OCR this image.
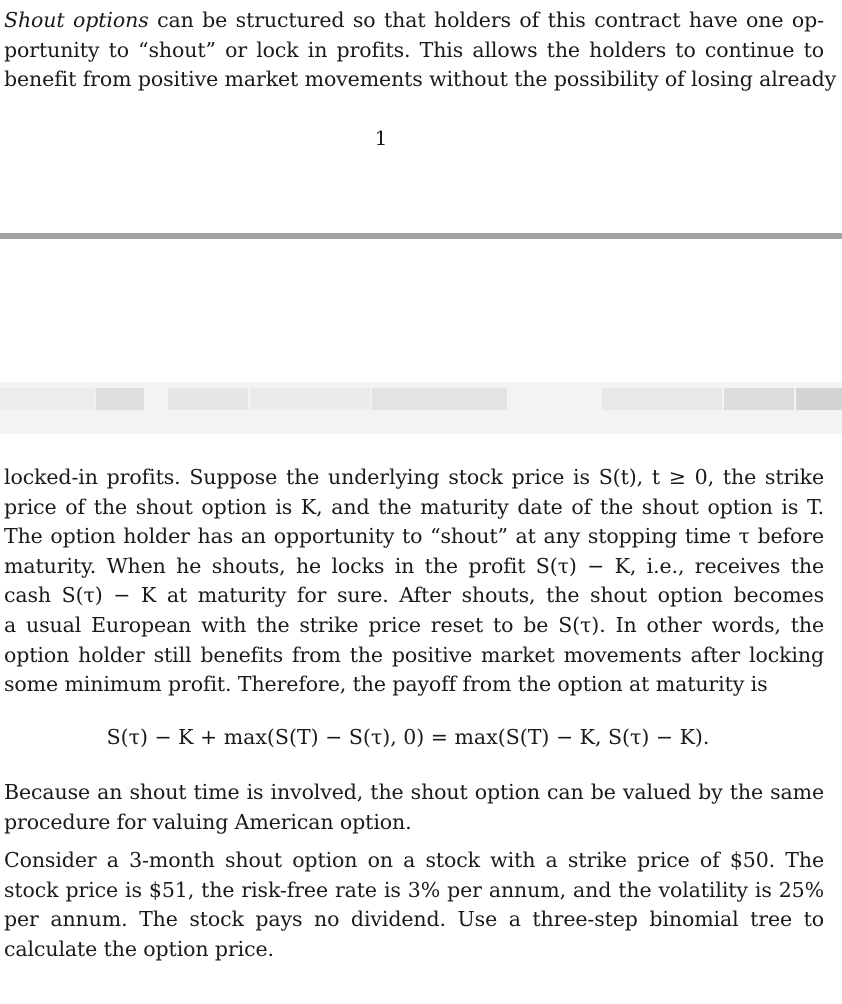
Shout options can be structured so that holders of this contract have one op-
portunity to “shout” or lock in profits. This allows the holders to continue to
benefit from positive market movements without the possibility of losing already
1
locked-in profits. Suppose the underlying stock price is S(t), t ≥ 0, the strike
price of the shout option is K, and the maturity date of the shout option is T.
The option holder has an opportunity to “shout” at any stopping time τ before
maturity. When he shouts, he locks in the profit S(τ) − K, i.e., receives the
cash S(τ) − K at maturity for sure. After shouts, the shout option becomes
a usual European with the strike price reset to be S(τ). In other words, the
option holder still benefits from the positive market movements after locking
some minimum profit. Therefore, the payoff from the option at maturity is
S(τ) − K + max(S(T) − S(τ), 0) = max(S(T) − K, S(τ) − K).
Because an shout time is involved, the shout option can be valued by the same
procedure for valuing American option.
Consider a 3-month shout option on a stock with a strike price of $50. The
stock price is $51, the risk-free rate is 3% per annum, and the volatility is 25%
per annum. The stock pays no dividend. Use a three-step binomial tree to
calculate the option price.
